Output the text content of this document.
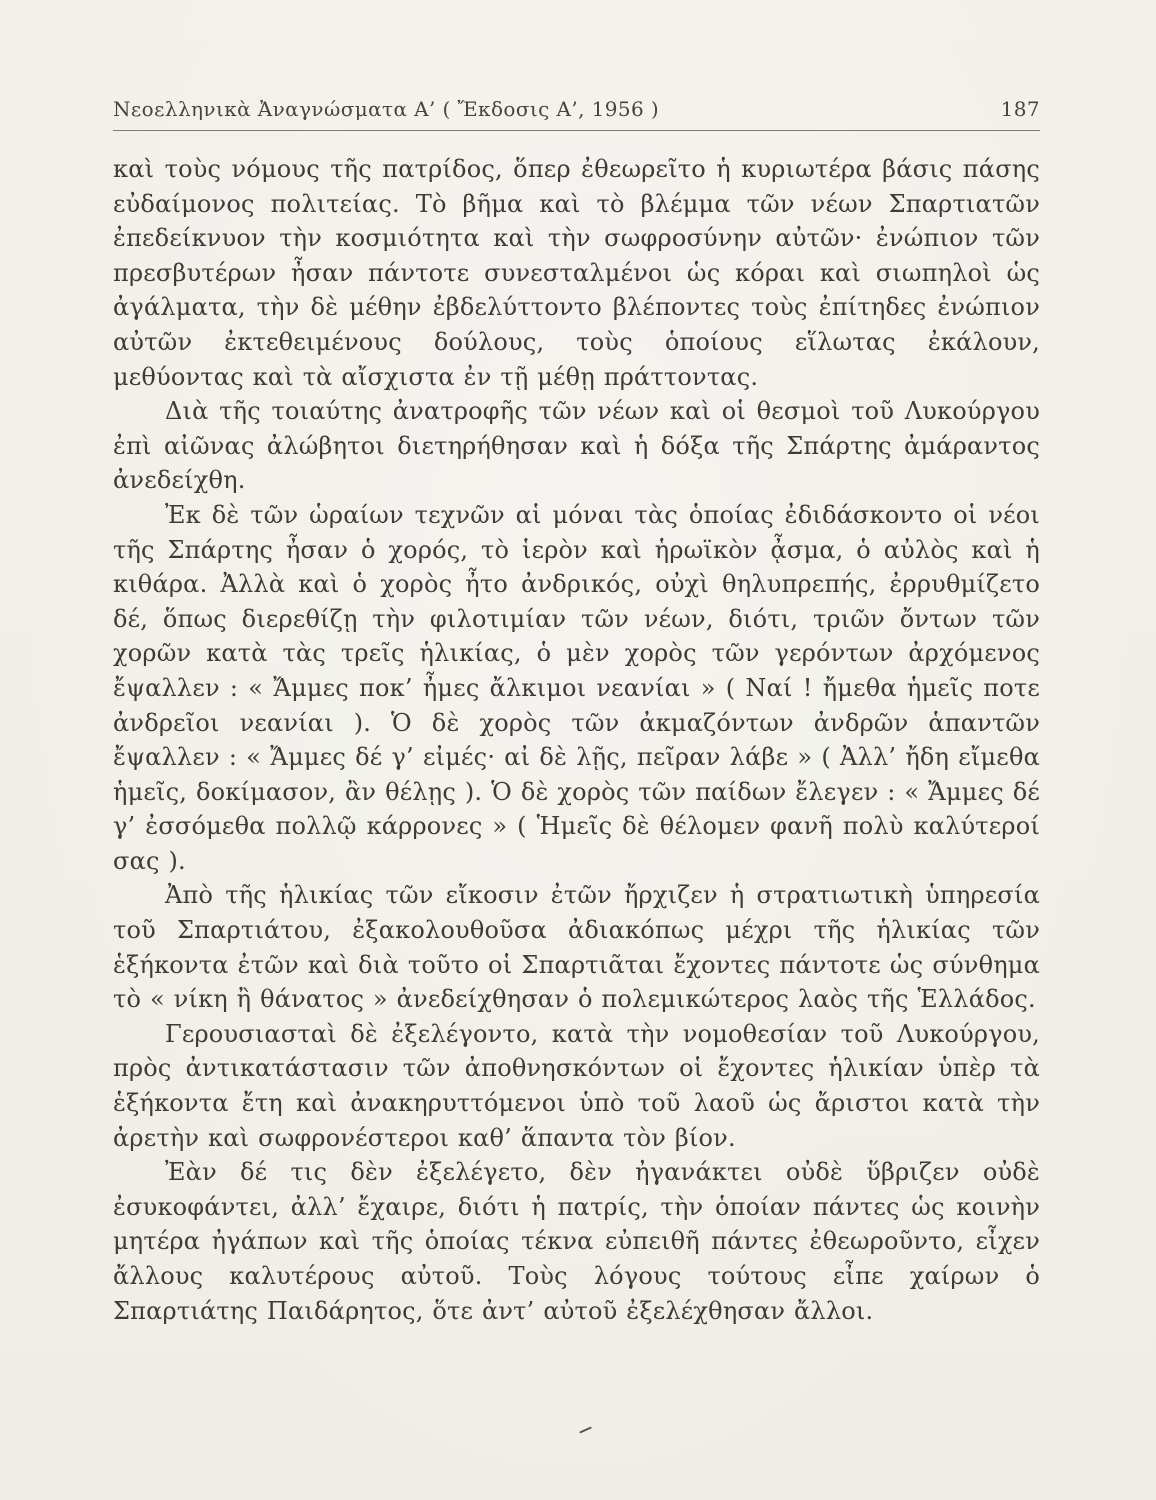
Νεοελληνικὰ Ἀναγνώσματα Α’ ( Ἔκδοσις Α’, 1956 )	187

καὶ τοὺς νόμους τῆς πατρίδος, ὅπερ ἐθεωρεῖτο ἡ κυριωτέρα βάσις πάσης εὐδαίμονος πολιτείας. Τὸ βῆμα καὶ τὸ βλέμμα τῶν νέων Σπαρτιατῶν ἐπεδείκνυον τὴν κοσμιότητα καὶ τὴν σωφροσύνην αὐτῶν· ἐνώπιον τῶν πρεσβυτέρων ἦσαν πάντοτε συνεσταλμένοι ὡς κόραι καὶ σιωπηλοὶ ὡς ἀγάλματα, τὴν δὲ μέθην ἐβδελύττοντο βλέποντες τοὺς ἐπίτηδες ἐνώπιον αὐτῶν ἐκτεθειμένους δούλους, τοὺς ὁποίους εἵλωτας ἐκάλουν, μεθύοντας καὶ τὰ αἴσχιστα ἐν τῇ μέθῃ πράττοντας.

Διὰ τῆς τοιαύτης ἀνατροφῆς τῶν νέων καὶ οἱ θεσμοὶ τοῦ Λυκούργου ἐπὶ αἰῶνας ἀλώβητοι διετηρήθησαν καὶ ἡ δόξα τῆς Σπάρτης ἀμάραντος ἀνεδείχθη.

Ἐκ δὲ τῶν ὡραίων τεχνῶν αἱ μόναι τὰς ὁποίας ἐδιδάσκοντο οἱ νέοι τῆς Σπάρτης ἦσαν ὁ χορός, τὸ ἱερὸν καὶ ἡρωϊκὸν ᾆσμα, ὁ αὐλὸς καὶ ἡ κιθάρα. Ἀλλὰ καὶ ὁ χορὸς ἦτο ἀνδρικός, οὐχὶ θηλυπρεπής, ἐρρυθμίζετο δέ, ὅπως διερεθίζῃ τὴν φιλοτιμίαν τῶν νέων, διότι, τριῶν ὄντων τῶν χορῶν κατὰ τὰς τρεῖς ἡλικίας, ὁ μὲν χορὸς τῶν γερόντων ἀρχόμενος ἔψαλλεν : « Ἄμμες ποκ’ ἦμες ἄλκιμοι νεανίαι » ( Ναί ! ἤμεθα ἡμεῖς ποτε ἀνδρεῖοι νεανίαι ). Ὁ δὲ χορὸς τῶν ἀκμαζόντων ἀνδρῶν ἁπαντῶν ἔψαλλεν : « Ἄμμες δέ γ’ εἰμές· αἰ δὲ λῇς, πεῖραν λάβε » ( Ἀλλ’ ἤδη εἴμεθα ἡμεῖς, δοκίμασον, ἂν θέλῃς ). Ὁ δὲ χορὸς τῶν παίδων ἔλεγεν : « Ἄμμες δέ γ’ ἐσσόμεθα πολλῷ κάρρονες » ( Ἡμεῖς δὲ θέλομεν φανῆ πολὺ καλύτεροί σας ).

Ἀπὸ τῆς ἡλικίας τῶν εἴκοσιν ἐτῶν ἤρχιζεν ἡ στρατιωτικὴ ὑπηρεσία τοῦ Σπαρτιάτου, ἐξακολουθοῦσα ἀδιακόπως μέχρι τῆς ἡλικίας τῶν ἑξήκοντα ἐτῶν καὶ διὰ τοῦτο οἱ Σπαρτιᾶται ἔχοντες πάντοτε ὡς σύνθημα τὸ « νίκη ἢ θάνατος » ἀνεδείχθησαν ὁ πολεμικώτερος λαὸς τῆς Ἑλλάδος.

Γερουσιασταὶ δὲ ἐξελέγοντο, κατὰ τὴν νομοθεσίαν τοῦ Λυκούργου, πρὸς ἀντικατάστασιν τῶν ἀποθνησκόντων οἱ ἔχοντες ἡλικίαν ὑπὲρ τὰ ἑξήκοντα ἔτη καὶ ἀνακηρυττόμενοι ὑπὸ τοῦ λαοῦ ὡς ἄριστοι κατὰ τὴν ἀρετὴν καὶ σωφρονέστεροι καθ’ ἅπαντα τὸν βίον.

Ἐὰν δέ τις δὲν ἐξελέγετο, δὲν ἠγανάκτει οὐδὲ ὕβριζεν οὐδὲ ἐσυκοφάντει, ἀλλ’ ἔχαιρε, διότι ἡ πατρίς, τὴν ὁποίαν πάντες ὡς κοινὴν μητέρα ἠγάπων καὶ τῆς ὁποίας τέκνα εὐπειθῆ πάντες ἐθεωροῦντο, εἶχεν ἄλλους καλυτέρους αὐτοῦ. Τοὺς λόγους τούτους εἶπε χαίρων ὁ Σπαρτιάτης Παιδάρητος, ὅτε ἀντ’ αὐτοῦ ἐξελέχθησαν ἄλλοι.
